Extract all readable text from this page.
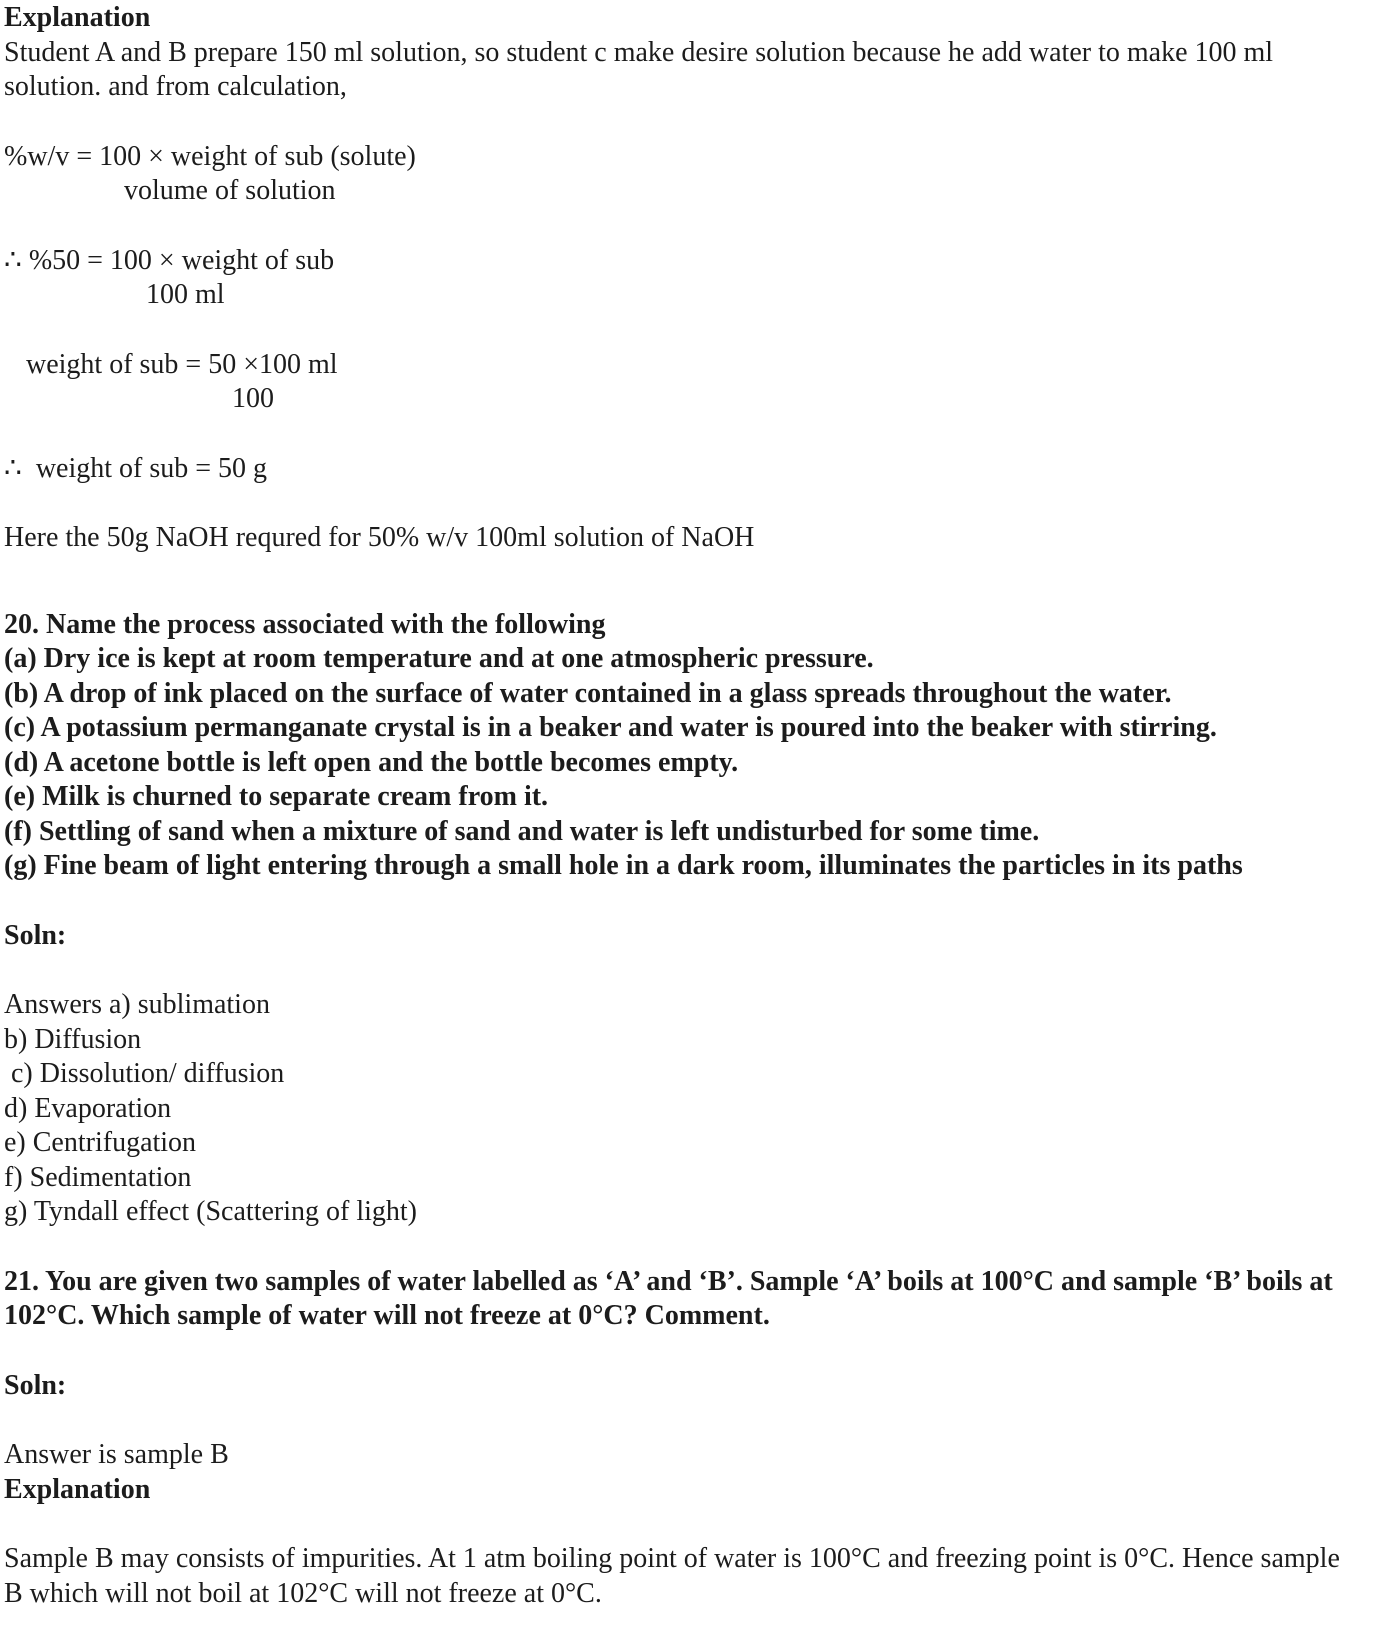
Explanation

Student A and B prepare 150 ml solution, so student c make desire solution because he add water to make 100 ml solution. and from calculation,

%w/v = 100 × weight of sub (solute)

volume of solution

∴ %50 = 100 × weight of sub

100 ml

weight of sub = 50 ×100 ml

100

∴  weight of sub = 50 g

Here the 50g NaOH requred for 50% w/v 100ml solution of NaOH

20. Name the process associated with the following

(a) Dry ice is kept at room temperature and at one atmospheric pressure.

(b) A drop of ink placed on the surface of water contained in a glass spreads throughout the water.

(c) A potassium permanganate crystal is in a beaker and water is poured into the beaker with stirring.

(d) A acetone bottle is left open and the bottle becomes empty.

(e) Milk is churned to separate cream from it.

(f) Settling of sand when a mixture of sand and water is left undisturbed for some time.

(g) Fine beam of light entering through a small hole in a dark room, illuminates the particles in its paths

Soln:

Answers a) sublimation

b) Diffusion

c) Dissolution/ diffusion

d) Evaporation

e) Centrifugation

f) Sedimentation

g) Tyndall effect (Scattering of light)

21. You are given two samples of water labelled as ‘A’ and ‘B’. Sample ‘A’ boils at 100°C and sample ‘B’ boils at 102°C. Which sample of water will not freeze at 0°C? Comment.

Soln:

Answer is sample B

Explanation

Sample B may consists of impurities. At 1 atm boiling point of water is 100°C and freezing point is 0°C. Hence sample B which will not boil at 102°C will not freeze at 0°C.
